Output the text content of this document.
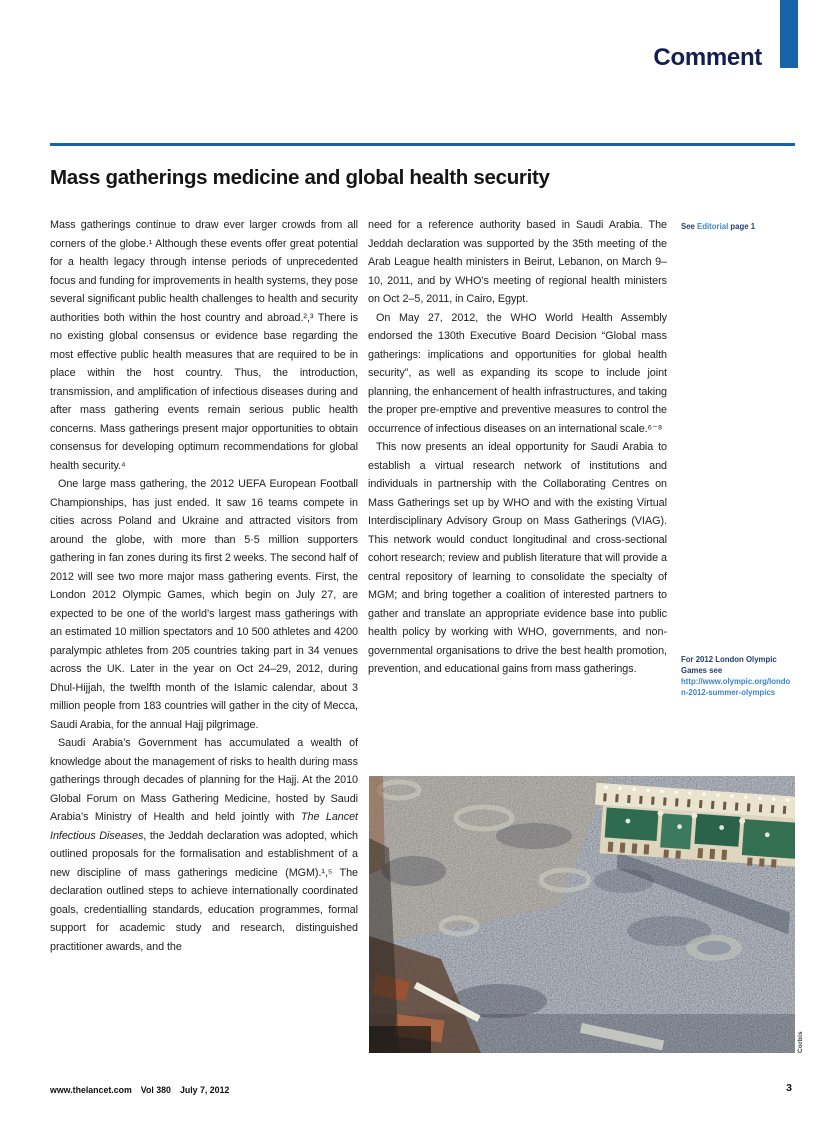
Comment
Mass gatherings medicine and global health security

Mass gatherings continue to draw ever larger crowds from all corners of the globe.¹ Although these events offer great potential for a health legacy through intense periods of unprecedented focus and funding for improvements in health systems, they pose several significant public health challenges to health and security authorities both within the host country and abroad.²,³ There is no existing global consensus or evidence base regarding the most effective public health measures that are required to be in place within the host country. Thus, the introduction, transmission, and amplification of infectious diseases during and after mass gathering events remain serious public health concerns. Mass gatherings present major opportunities to obtain consensus for developing optimum recommendations for global health security.⁴

One large mass gathering, the 2012 UEFA European Football Championships, has just ended. It saw 16 teams compete in cities across Poland and Ukraine and attracted visitors from around the globe, with more than 5·5 million supporters gathering in fan zones during its first 2 weeks. The second half of 2012 will see two more major mass gathering events. First, the London 2012 Olympic Games, which begin on July 27, are expected to be one of the world’s largest mass gatherings with an estimated 10 million spectators and 10 500 athletes and 4200 paralympic athletes from 205 countries taking part in 34 venues across the UK. Later in the year on Oct 24–29, 2012, during Dhul-Hijjah, the twelfth month of the Islamic calendar, about 3 million people from 183 countries will gather in the city of Mecca, Saudi Arabia, for the annual Hajj pilgrimage.

Saudi Arabia’s Government has accumulated a wealth of knowledge about the management of risks to health during mass gatherings through decades of planning for the Hajj. At the 2010 Global Forum on Mass Gathering Medicine, hosted by Saudi Arabia’s Ministry of Health and held jointly with The Lancet Infectious Diseases, the Jeddah declaration was adopted, which outlined proposals for the formalisation and establishment of a new discipline of mass gatherings medicine (MGM).¹,⁵ The declaration outlined steps to achieve internationally coordinated goals, credentialling standards, education programmes, formal support for academic study and research, distinguished practitioner awards, and the

need for a reference authority based in Saudi Arabia. The Jeddah declaration was supported by the 35th meeting of the Arab League health ministers in Beirut, Lebanon, on March 9–10, 2011, and by WHO’s meeting of regional health ministers on Oct 2–5, 2011, in Cairo, Egypt.

On May 27, 2012, the WHO World Health Assembly endorsed the 130th Executive Board Decision “Global mass gatherings: implications and opportunities for global health security”, as well as expanding its scope to include joint planning, the enhancement of health infrastructures, and taking the proper pre-emptive and preventive measures to control the occurrence of infectious diseases on an international scale.⁶⁻⁸

This now presents an ideal opportunity for Saudi Arabia to establish a virtual research network of institutions and individuals in partnership with the Collaborating Centres on Mass Gatherings set up by WHO and with the existing Virtual Interdisciplinary Advisory Group on Mass Gatherings (VIAG). This network would conduct longitudinal and cross-sectional cohort research; review and publish literature that will provide a central repository of learning to consolidate the specialty of MGM; and bring together a coalition of interested partners to gather and translate an appropriate evidence base into public health policy by working with WHO, governments, and non-governmental organisations to drive the best health promotion, prevention, and educational gains from mass gatherings.

See Editorial page 1
For 2012 London Olympic Games see http://www.olympic.org/london-2012-summer-olympics
Corbis
www.thelancet.com Vol 380 July 7, 2012	3
